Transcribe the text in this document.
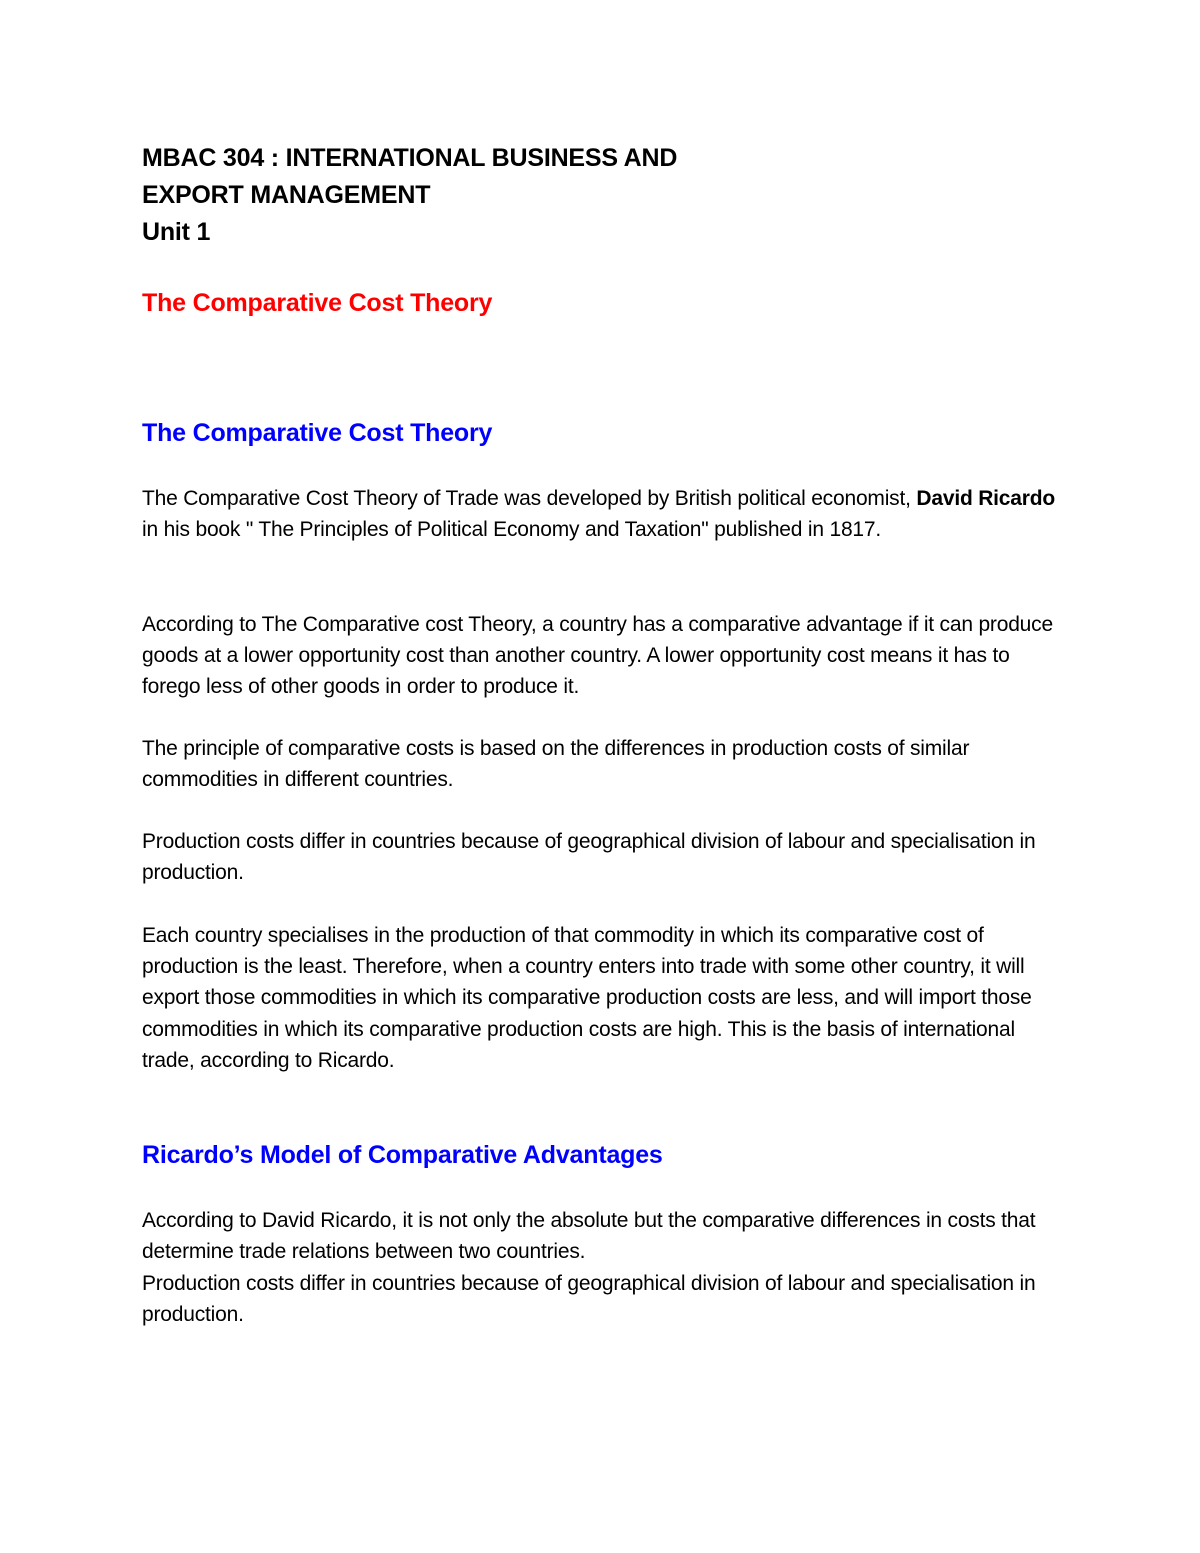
MBAC 304 : INTERNATIONAL BUSINESS AND
EXPORT MANAGEMENT
Unit 1
The Comparative Cost Theory
The Comparative Cost Theory

The Comparative Cost Theory of Trade was developed by British political economist, David Ricardo in his book " The Principles of Political Economy and Taxation" published in 1817.

According to The Comparative cost Theory, a country has a comparative advantage if it can produce goods at a lower opportunity cost than another country. A lower opportunity cost means it has to forego less of other goods in order to produce it.

The principle of comparative costs is based on the differences in production costs of similar commodities in different countries.

Production costs differ in countries because of geographical division of labour and specialisation in production.

Each country specialises in the production of that commodity in which its comparative cost of production is the least. Therefore, when a country enters into trade with some other country, it will export those commodities in which its comparative production costs are less, and will import those commodities in which its comparative production costs are high. This is the basis of international trade, according to Ricardo.

Ricardo’s Model of Comparative Advantages

According to David Ricardo, it is not only the absolute but the comparative differences in costs that determine trade relations between two countries.

Production costs differ in countries because of geographical division of labour and specialisation in production.
